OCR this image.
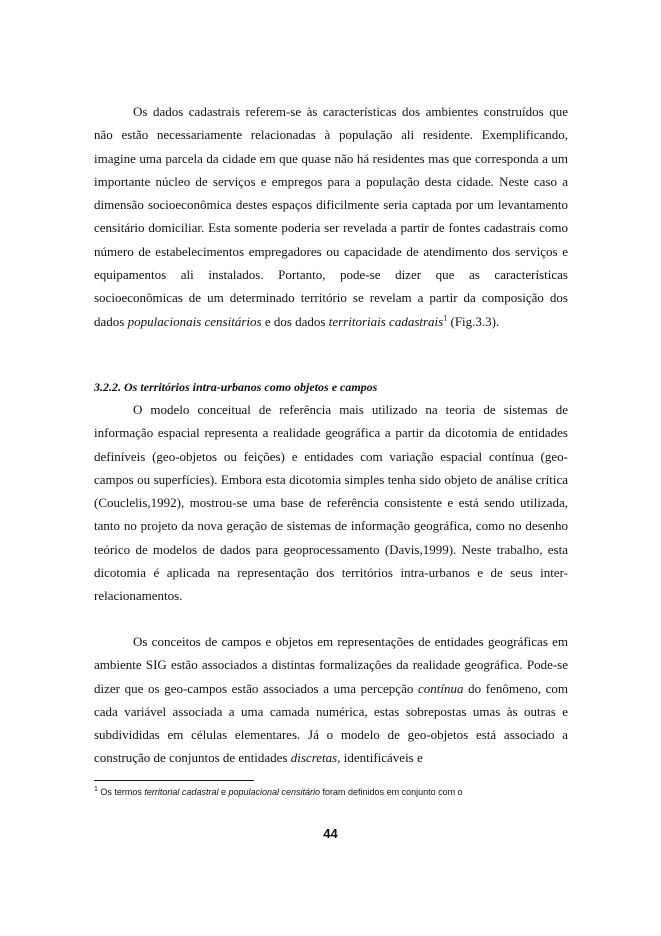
Os dados cadastrais referem-se às características dos ambientes construídos que não estão necessariamente relacionadas à população ali residente. Exemplificando, imagine uma parcela da cidade em que quase não há residentes mas que corresponda a um importante núcleo de serviços e empregos para a população desta cidade. Neste caso a dimensão socioeconômica destes espaços dificilmente seria captada por um levantamento censitário domiciliar. Esta somente poderia ser revelada a partir de fontes cadastrais como número de estabelecimentos empregadores ou capacidade de atendimento dos serviços e equipamentos ali instalados. Portanto, pode-se dizer que as características socioeconômicas de um determinado território se revelam a partir da composição dos dados populacionais censitários e dos dados territoriais cadastrais$^1$ (Fig.3.3).

3.2.2. Os territórios intra-urbanos como objetos e campos

O modelo conceitual de referência mais utilizado na teoria de sistemas de informação espacial representa a realidade geográfica a partir da dicotomia de entidades definíveis (geo-objetos ou feições) e entidades com variação espacial contínua (geo-campos ou superfícies). Embora esta dicotomia simples tenha sido objeto de análise crítica (Couclelis,1992), mostrou-se uma base de referência consistente e está sendo utilizada, tanto no projeto da nova geração de sistemas de informação geográfica, como no desenho teórico de modelos de dados para geoprocessamento (Davis,1999). Neste trabalho, esta dicotomia é aplicada na representação dos territórios intra-urbanos e de seus inter-relacionamentos.

Os conceitos de campos e objetos em representações de entidades geográficas em ambiente SIG estão associados a distintas formalizações da realidade geográfica. Pode-se dizer que os geo-campos estão associados a uma percepção contínua do fenômeno, com cada variável associada a uma camada numérica, estas sobrepostas umas às outras e subdivididas em células elementares. Já o modelo de geo-objetos está associado a construção de conjuntos de entidades discretas, identificáveis e

$^1$ Os termos territorial cadastral e populacional censitário foram definidos em conjunto com o
44
